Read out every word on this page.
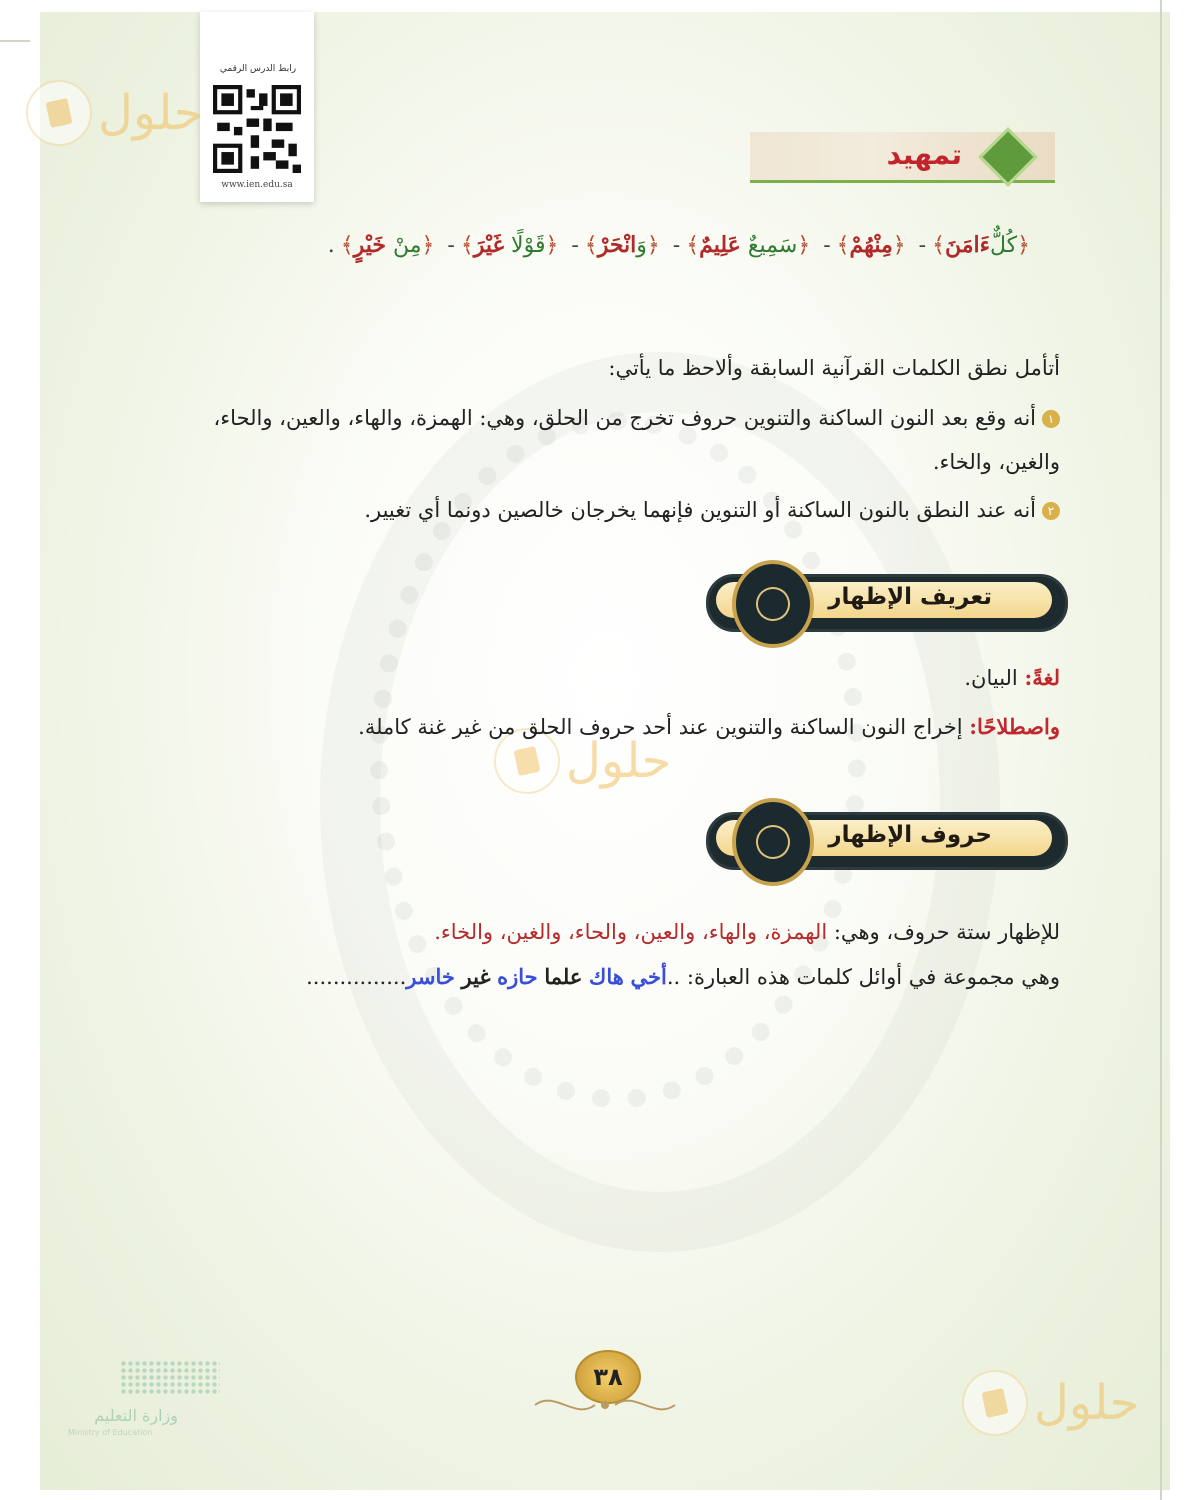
رابط الدرس الرقمي
www.ien.edu.sa
حلول
حلول
حلول
تمهيد
﴿كُلٌّءَامَنَ﴾- ﴿مِنْهُمْ﴾- ﴿سَمِيعٌ عَلِيمٌ﴾- ﴿وَانْحَرْ﴾- ﴿قَوْلًا غَيْرَ﴾- ﴿مِنْ خَيْرٍ﴾.
أتأمل نطق الكلمات القرآنية السابقة وألاحظ ما يأتي:
١أنه وقع بعد النون الساكنة والتنوين حروف تخرج من الحلق، وهي: الهمزة، والهاء، والعين، والحاء، والغين، والخاء.
٢أنه عند النطق بالنون الساكنة أو التنوين فإنهما يخرجان خالصين دونما أي تغيير.
تعريف الإظهار
لغةً: البيان.
واصطلاحًا: إخراج النون الساكنة والتنوين عند أحد حروف الحلق من غير غنة كاملة.
حروف الإظهار
للإظهار ستة حروف، وهي: الهمزة، والهاء، والعين، والحاء، والغين، والخاء.
وهي مجموعة في أوائل كلمات هذه العبارة: ..أخي هاك علما حازه غير خاسر...............
٣٨
وزارة التعليم
Ministry of Education
